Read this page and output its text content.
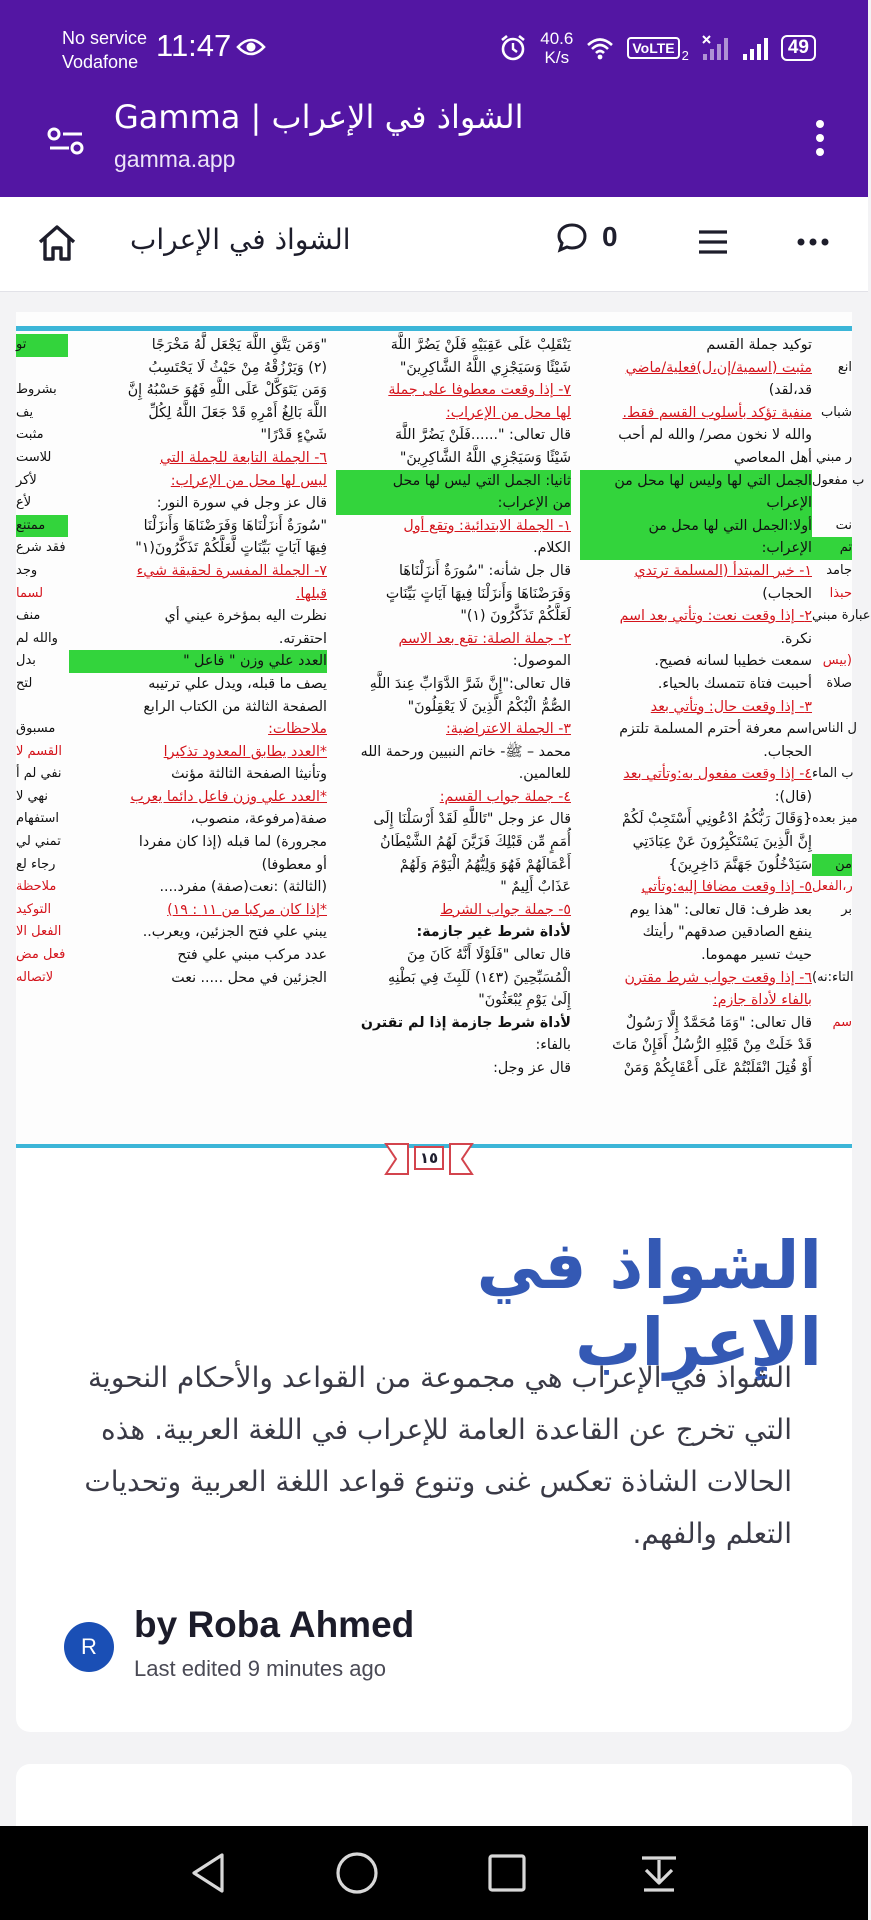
No service
Vodafone 11:47	40.6
K/s	VoLTE 2	49
Gamma | الشواذ في الإعراب
gamma.app
الشواذ في الإعراب	0
توكيد جملة القسم
مثبت (اسمية/إن،ل)فعلية/ماضي
قد،لقد)
منفية تؤكد بأسلوب القسم فقط.
والله لا نخون مصر/ والله لم أحب
أهل المعاصي
الجمل التي لها وليس لها محل من
الإعراب
أولا:الجمل التي لها محل من
الإعراب:
١- خبر المبتدأ (المسلمة ترتدي
الحجاب)
٢- إذا وقعت نعت: وتأتي بعد اسم
نكرة.
سمعت خطيبا لسانه فصيح.
أحببت فتاة تتمسك بالحياء.
٣- إذا وقعت حال: وتأتي بعد
اسم معرفة أحترم المسلمة تلتزم
الحجاب.
٤- إذا وقعت مفعول به:وتأتي بعد
(قال):
{وَقَالَ رَبُّكُمُ ادْعُونِي أَسْتَجِبْ لَكُمْ
إِنَّ الَّذِينَ يَسْتَكْبِرُونَ عَنْ عِبَادَتِي
سَيَدْخُلُونَ جَهَنَّمَ دَاخِرِينَ}
٥- إذا وقعت مضافا إليه:وتأتي
بعد ظرف: قال تعالى: "هذا يوم
ينفع الصادقين صدقهم" رأيتك
حيث تسير مهموما.
٦- إذا وقعت جواب شرط مقترن
بالفاء لأداة جازم:
قال تعالى: "وَمَا مُحَمَّدٌ إِلَّا رَسُولٌ
قَدْ خَلَتْ مِنْ قَبْلِهِ الرُّسُلُ أَفَإِنْ مَاتَ
أَوْ قُتِلَ انْقَلَبْتُمْ عَلَى أَعْقَابِكُمْ وَمَنْ
يَنْقَلِبْ عَلَى عَقِبَيْهِ فَلَنْ يَضُرَّ اللَّهَ
شَيْئًا وَسَيَجْزِي اللَّهُ الشَّاكِرِينَ"
٧- إذا وقعت معطوفا على جملة
لها محل من الإعراب:
قال تعالى: "......فَلَنْ يَضُرَّ اللَّهَ
شَيْئًا وَسَيَجْزِي اللَّهُ الشَّاكِرِينَ"
ثانيا: الجمل التي ليس لها محل
من الإعراب:
١- الجملة الابتدائية: وتقع أول
الكلام.
قال جل شأنه: "سُورَةٌ أَنزَلْنَاهَا
وَفَرَضْنَاهَا وَأَنزَلْنَا فِيهَا آيَاتٍ بَيِّنَاتٍ
لَعَلَّكُمْ تَذَكَّرُونَ (١)"
٢- جملة الصلة: تقع بعد الاسم
الموصول:
قال تعالى:"إِنَّ شَرَّ الدَّوَابِّ عِندَ اللَّهِ
الصُّمُّ الْبُكْمُ الَّذِينَ لَا يَعْقِلُونَ"
٣- الجملة الاعتراضية:
محمد – ﷺ- خاتم النبيين ورحمة الله
للعالمين.
٤- جملة جواب القسم:
قال عز وجل "تَاللَّهِ لَقَدْ أَرْسَلْنَا إِلَى
أُمَمٍ مِّن قَبْلِكَ فَزَيَّنَ لَهُمُ الشَّيْطَانُ
أَعْمَالَهُمْ فَهُوَ وَلِيُّهُمُ الْيَوْمَ وَلَهُمْ
عَذَابٌ أَلِيمٌ "
٥- جملة جواب الشرط
لأداة شرط غير جازمة:
قال تعالى "فَلَوْلَا أَنَّهُ كَانَ مِنَ
الْمُسَبِّحِينَ (١٤٣) لَلَبِثَ فِي بَطْنِهِ
إِلَىٰ يَوْمِ يُبْعَثُونَ"
لأداة شرط جازمة إذا لم تقترن
بالفاء:
قال عز وجل:
"وَمَن يَتَّقِ اللَّهَ يَجْعَل لَّهُ مَخْرَجًا
(٢) وَيَرْزُقْهُ مِنْ حَيْثُ لَا يَحْتَسِبُ
وَمَن يَتَوَكَّلْ عَلَى اللَّهِ فَهُوَ حَسْبُهُ إِنَّ
اللَّهَ بَالِغُ أَمْرِهِ قَدْ جَعَلَ اللَّهُ لِكُلِّ
شَيْءٍ قَدْرًا"
٦- الجملة التابعة للجملة التي
ليس لها محل من الإعراب:
قال عز وجل في سورة النور:
"سُورَةٌ أَنزَلْنَاهَا وَفَرَضْنَاهَا وَأَنزَلْنَا
فِيهَا آيَاتٍ بَيِّنَاتٍ لَّعَلَّكُمْ تَذَكَّرُونَ(١"
٧- الجملة المفسرة لحقيقة شيء
قبلها.
نظرت اليه بمؤخرة عيني أي
احتقرته.
العدد علي وزن " فاعل "
يصف ما قبله، ويدل علي ترتيبه
الصفحة الثالثة من الكتاب الرابع
ملاحظات:
*العدد يطابق المعدود تذكيرا
وتأنيثا الصفحة الثالثة مؤنث
*العدد علي وزن فاعل دائما يعرب
صفة(مرفوعة، منصوب،
مجرورة) لما قبله (إذا كان مفردا
أو معطوفا)
(الثالثة) :نعت(صفة) مفرد....
*إذا كان مركبا من ١١ : ١٩)
يبني علي فتح الجزئين، ويعرب..
عدد مركب مبني علي فتح
الجزئين في محل ..... نعت
تو
بشروط
يف
مثبت
للاست
لأكر
لأع
ممتنع
فقد شرع
وجد
لسما
منف
والله لم
بدل
لتح
مسبوق
القسم لا
نفي لم أ
نهي لا
استفهام
تمني لي
رجاء لع
ملاحظة
التوكيد
الفعل الا
فعل مض
لاتصاله
انع
شباب
ر مبني
ب مفعول
نت
تم
جامد
حبذا
عبارة مبني
بيس)
صلاة
ل الناس
ب الماء
ميز بعده
من
ر،الفعل
بر
(التاء:نه
سم
١٥
الشواذ في الإعراب

الشواذ في الإعراب هي مجموعة من القواعد والأحكام النحوية التي تخرج عن القاعدة العامة للإعراب في اللغة العربية. هذه الحالات الشاذة تعكس غنى وتنوع قواعد اللغة العربية وتحديات التعلم والفهم.

R
by Roba Ahmed
Last edited 9 minutes ago
